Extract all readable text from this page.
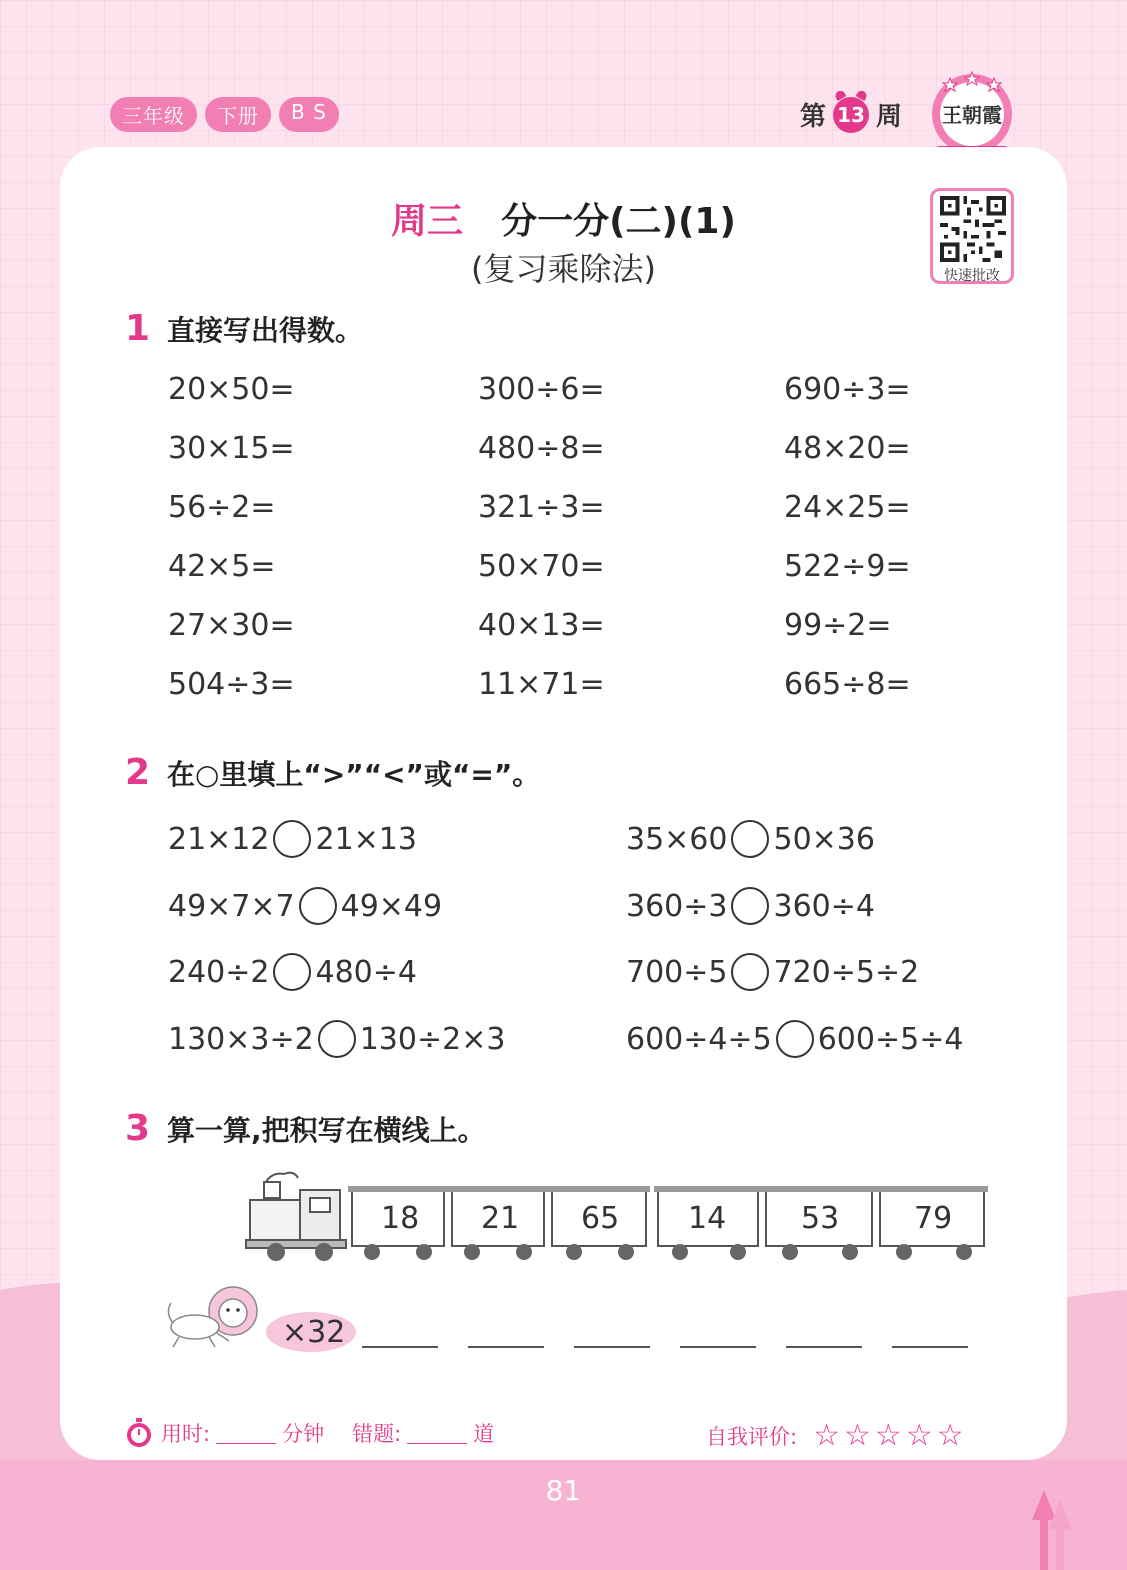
三年级	下册	B S	第 13 周 王朝霞
周三 分一分(二)(1)
(复习乘除法)	快速批改
1 直接写出得数。
20×50=	300÷6=	690÷3=
30×15=	480÷8=	48×20=
56÷2=	321÷3=	24×25=
42×5=	50×70=	522÷9=
27×30=	40×13=	99÷2=
504÷3=	11×71=	665÷8=
2 在○里填上“>”“<”或“=”。
21×12 21×13	35×60 50×36
49×7×7 49×49	360÷3 360÷4
240÷2 480÷4	700÷5 720÷5÷2
130×3÷2 130÷2×3	600÷4÷5 600÷5÷4
3 算一算,把积写在横线上。
18 21 65 14 53 79
×32
用时:	分钟 错题:	道	自我评价: ☆☆☆☆☆
81
